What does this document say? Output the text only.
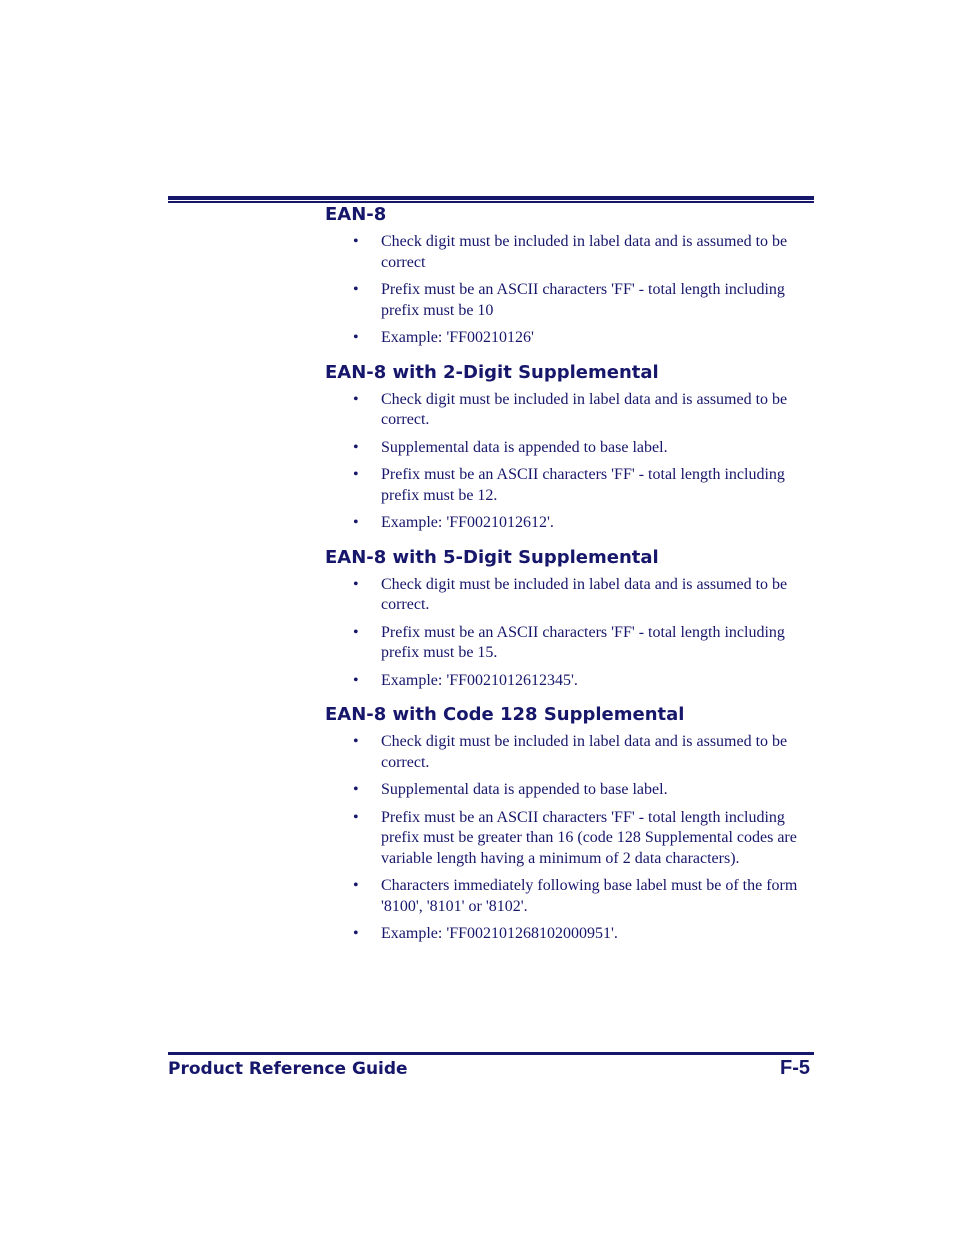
EAN-8
• Check digit must be included in label data and is assumed to be correct
• Prefix must be an ASCII characters 'FF' - total length including prefix must be 10
• Example: 'FF00210126'
EAN-8 with 2-Digit Supplemental
• Check digit must be included in label data and is assumed to be correct.
• Supplemental data is appended to base label.
• Prefix must be an ASCII characters 'FF' - total length including prefix must be 12.
• Example: 'FF0021012612'.
EAN-8 with 5-Digit Supplemental
• Check digit must be included in label data and is assumed to be correct.
• Prefix must be an ASCII characters 'FF' - total length including prefix must be 15.
• Example: 'FF0021012612345'.
EAN-8 with Code 128 Supplemental
• Check digit must be included in label data and is assumed to be correct.
• Supplemental data is appended to base label.
• Prefix must be an ASCII characters 'FF' - total length including prefix must be greater than 16 (code 128 Supplemental codes are variable length having a minimum of 2 data characters).
• Characters immediately following base label must be of the form '8100', '8101' or '8102'.
• Example: 'FF002101268102000951'.
Product Reference Guide	F-5
